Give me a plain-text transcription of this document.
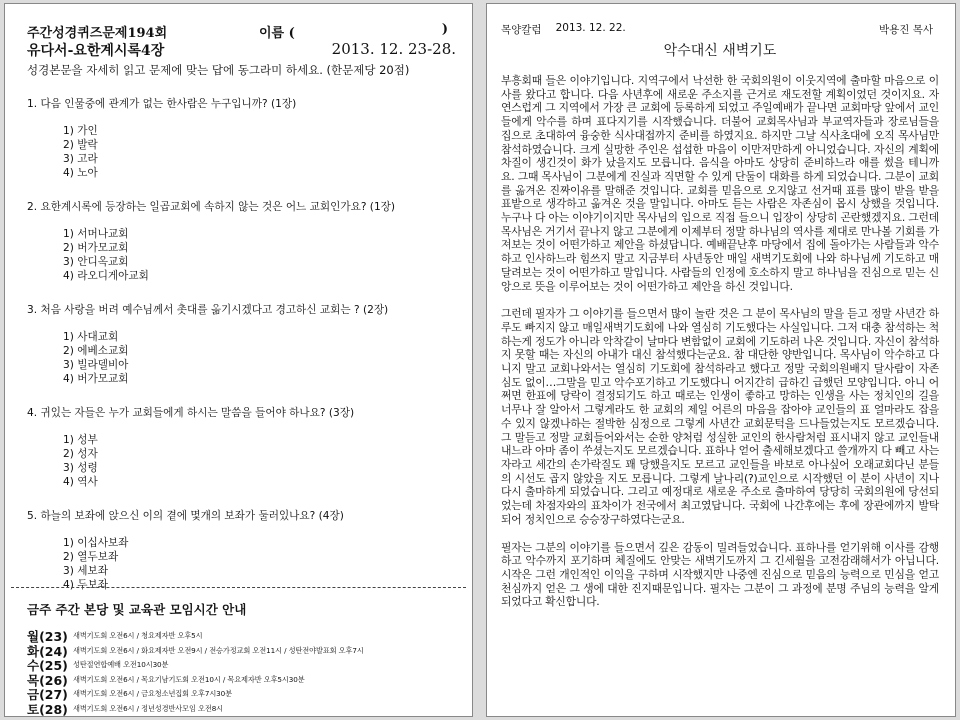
주간성경퀴즈문제194회	이름 (	)
유다서-요한계시록4장	2013. 12. 23-28.
성경본문을 자세히 읽고 문제에 맞는 답에 동그라미 하세요. (한문제당 20점)
1. 다음 인물중에 관계가 없는 한사람은 누구입니까? (1장)
1) 가인
2) 발락
3) 고라
4) 노아
2. 요한계시록에 등장하는 일곱교회에 속하지 않는 것은 어느 교회인가요? (1장)
1) 서머나교회
2) 버가모교회
3) 안디옥교회
4) 라오디게아교회
3. 처음 사랑을 버려 예수님께서 촛대를 옮기시겠다고 경고하신 교회는 ? (2장)
1) 사대교회
2) 에베소교회
3) 빌라델비아
4) 버가모교회
4. 귀있는 자들은 누가 교회들에게 하시는 말씀을 들어야 하나요? (3장)
1) 성부
2) 성자
3) 성령
4) 역사
5. 하늘의 보좌에 앉으신 이의 곁에 몇개의 보좌가 둘러있나요? (4장)
1) 이십사보좌
2) 열두보좌
3) 세보좌
4) 두보좌
금주 주간 본당 및 교육관 모임시간 안내
월(23) 새벽기도회 오전6시 / 청요제자반 오후5시
화(24) 새벽기도회 오전6시 / 화요제자반 오전9시 / 전승가정교회 오전11시 / 성탄전야발표회 오후7시
수(25) 성탄절연합예배 오전10시30분
목(26) 새벽기도회 오전6시 / 목요기남기도회 오전10시 / 목요제자반 오후5시30분
금(27) 새벽기도회 오전6시 / 금요청소년집회 오후7시30분
토(28) 새벽기도회 오전6시 / 정년성경반사모임 오전8시
목양칼럼 2013. 12. 22.	박용진 목사
악수대신 새벽기도

부흥회때 들은 이야기입니다. 지역구에서 낙선한 한 국회의원이 이웃지역에 출마할 마음으로 이사를 왔다고 합니다. 다음 사년후에 새로운 주소지를 근거로 재도전할 계획이었던 것이지요. 자연스럽게 그 지역에서 가장 큰 교회에 등록하게 되었고 주일예배가 끝나면 교회마당 앞에서 교인들에게 악수를 하며 표다지기를 시작했습니다. 더불어 교회목사님과 부교역자들과 장로님들을 집으로 초대하여 융숭한 식사대접까지 준비를 하였지요. 하지만 그날 식사초대에 오직 목사님만 참석하였습니다. 크게 실망한 주인은 섭섭한 마음이 이만저만하게 아니었습니다. 자신의 계획에 차질이 생긴것이 화가 났을지도 모릅니다. 음식을 아마도 상당히 준비하느라 애를 썼을 테니까요. 그때 목사님이 그분에게 진실과 직면할 수 있게 단둘이 대화를 하게 되었습니다. 그분이 교회를 옮겨온 진짜이유를 말해준 것입니다. 교회를 믿음으로 오지않고 선거때 표를 많이 받을 받을 표밭으로 생각하고 옮겨온 것을 말입니다. 아마도 듣는 사람은 자존심이 몹시 상했을 것입니다. 누구나 다 아는 이야기이지만 목사님의 입으로 직접 들으니 입장이 상당히 곤란했겠지요. 그런데 목사님은 거기서 끝나지 않고 그분에게 이제부터 정말 하나님의 역사를 제대로 만나볼 기회를 가져보는 것이 어떤가하고 제안을 하셨답니다. 예배끝난후 마당에서 집에 돌아가는 사람들과 악수하고 인사하느라 힘쓰지 말고 지금부터 사년동안 매일 새벽기도회에 나와 하나님께 기도하고 매달려보는 것이 어떤가하고 말입니다. 사람들의 인정에 호소하지 말고 하나님을 진심으로 믿는 신앙으로 뜻을 이루어보는 것이 어떤가하고 제안을 하신 것입니다.

그런데 필자가 그 이야기를 들으면서 많이 놀란 것은 그 분이 목사님의 말을 듣고 정말 사년간 하루도 빠지지 않고 매일새벽기도회에 나와 열심히 기도했다는 사실입니다. 그저 대충 참석하는 척하는게 정도가 아니라 악착같이 날마다 변함없이 교회에 기도하러 나온 것입니다. 자신이 참석하지 못할 때는 자신의 아내가 대신 참석했다는군요. 참 대단한 양반입니다. 목사님이 악수하고 다니지 말고 교회나와서는 열심히 기도회에 참석하라고 했다고 정말 국회의원배지 달사람이 자존심도 없이…그말을 믿고 악수포기하고 기도했다니 어지간히 급하긴 급했던 모양입니다. 아니 어쩌면 한표에 당락이 결정되기도 하고 때로는 인생이 좋하고 망하는 인생을 사는 정치인의 길을 너무나 잘 알아서 그렇게라도 한 교회의 제일 어른의 마음을 잡아야 교인들의 표 얼마라도 잡을 수 있지 않겠나하는 절박한 심정으로 그렇게 사년간 교회문턱을 드나들었는지도 모르겠습니다. 그 말듣고 정말 교회들어와서는 순한 양처럼 성실한 교인의 한사람처럼 표시내지 않고 교인들내 내느라 아마 좀이 쑤셨는지도 모르겠습니다. 표하나 얻어 출세해보겠다고 쓸개까지 다 빼고 사는 자라고 세간의 손가락질도 꽤 당했을지도 모르고 교인들을 바보로 아나싶어 오래교회다닌 분들의 시선도 곱지 않았을 지도 모릅니다. 그렇게 날나리(?)교인으로 시작했던 이 분이 사년이 지나 다시 출마하게 되었습니다. 그리고 예정대로 새로운 주소로 출마하여 당당히 국회의원에 당선되었는데 차점자와의 표차이가 전국에서 최고였답니다. 국회에 나간후에는 후에 장관에까지 발탁되어 정치인으로 승승장구하였다는군요.

필자는 그분의 이야기를 들으면서 깊은 감동이 밀려들었습니다. 표하나를 얻기위해 이사를 감행하고 악수까지 포기하며 체질에도 안맞는 새벽기도까지 그 긴세월을 고전감래해서가 아닙니다. 시작은 그런 개인적인 이익을 구하며 시작했지만 나중엔 진심으로 믿음의 능력으로 민심을 얻고 천심까지 얻은 그 생에 대한 진지때문입니다. 필자는 그분이 그 과정에 분명 주님의 능력을 알게 되었다고 확신합니다.
